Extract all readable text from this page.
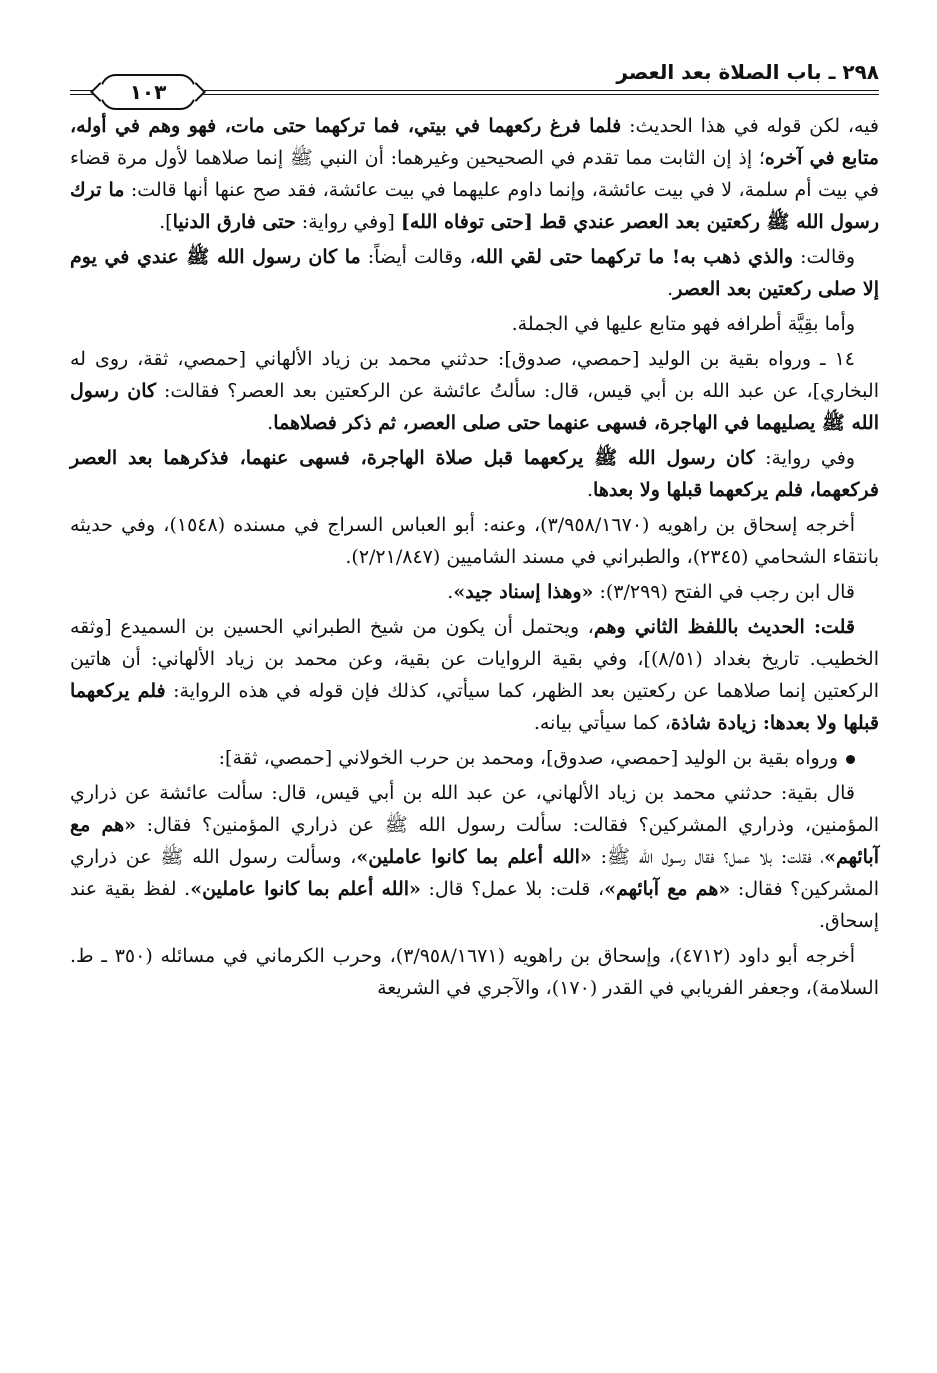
٢٩٨ ـ باب الصلاة بعد العصر
١٠٣

فيه، لكن قوله في هذا الحديث: فلما فرغ ركعهما في بيتي، فما تركهما حتى مات، فهو وهم في أوله، متابع في آخره؛ إذ إن الثابت مما تقدم في الصحيحين وغيرهما: أن النبي ﷺ إنما صلاهما لأول مرة قضاء في بيت أم سلمة، لا في بيت عائشة، وإنما داوم عليهما في بيت عائشة، فقد صح عنها أنها قالت: ما ترك رسول الله ﷺ ركعتين بعد العصر عندي قط [حتى توفاه الله] [وفي رواية: حتى فارق الدنيا].

وقالت: والذي ذهب به! ما تركهما حتى لقي الله، وقالت أيضاً: ما كان رسول الله ﷺ عندي في يوم إلا صلى ركعتين بعد العصر.

وأما بقِيَّة أطرافه فهو متابع عليها في الجملة.

١٤ ـ ورواه بقية بن الوليد [حمصي، صدوق]: حدثني محمد بن زياد الألهاني [حمصي، ثقة، روى له البخاري]، عن عبد الله بن أبي قيس، قال: سألتُ عائشة عن الركعتين بعد العصر؟ فقالت: كان رسول الله ﷺ يصليهما في الهاجرة، فسهى عنهما حتى صلى العصر، ثم ذكر فصلاهما.

وفي رواية: كان رسول الله ﷺ يركعهما قبل صلاة الهاجرة، فسهى عنهما، فذكرهما بعد العصر فركعهما، فلم يركعهما قبلها ولا بعدها.

أخرجه إسحاق بن راهويه (٣/٩٥٨/١٦٧٠)، وعنه: أبو العباس السراج في مسنده (١٥٤٨)، وفي حديثه بانتقاء الشحامي (٢٣٤٥)، والطبراني في مسند الشاميين (٢/٢١/٨٤٧).

قال ابن رجب في الفتح (٣/٢٩٩): «وهذا إسناد جيد».

قلت: الحديث باللفظ الثاني وهم، ويحتمل أن يكون من شيخ الطبراني الحسين بن السميدع [وثقه الخطيب. تاريخ بغداد (٨/٥١)]، وفي بقية الروايات عن بقية، وعن محمد بن زياد الألهاني: أن هاتين الركعتين إنما صلاهما عن ركعتين بعد الظهر، كما سيأتي، كذلك فإن قوله في هذه الرواية: فلم يركعهما قبلها ولا بعدها: زيادة شاذة، كما سيأتي بيانه.

ورواه بقية بن الوليد [حمصي، صدوق]، ومحمد بن حرب الخولاني [حمصي، ثقة]:

قال بقية: حدثني محمد بن زياد الألهاني، عن عبد الله بن أبي قيس، قال: سألت عائشة عن ذراري المؤمنين، وذراري المشركين؟ فقالت: سألت رسول الله ﷺ عن ذراري المؤمنين؟ فقال: «هم مع آبائهم»، فقلت: بلا عمل؟ فقال رسول الله ﷺ: «الله أعلم بما كانوا عاملين»، وسألت رسول الله ﷺ عن ذراري المشركين؟ فقال: «هم مع آبائهم»، قلت: بلا عمل؟ قال: «الله أعلم بما كانوا عاملين». لفظ بقية عند إسحاق.

أخرجه أبو داود (٤٧١٢)، وإسحاق بن راهويه (٣/٩٥٨/١٦٧١)، وحرب الكرماني في مسائله (٣٥٠ ـ ط. السلامة)، وجعفر الفريابي في القدر (١٧٠)، والآجري في الشريعة
